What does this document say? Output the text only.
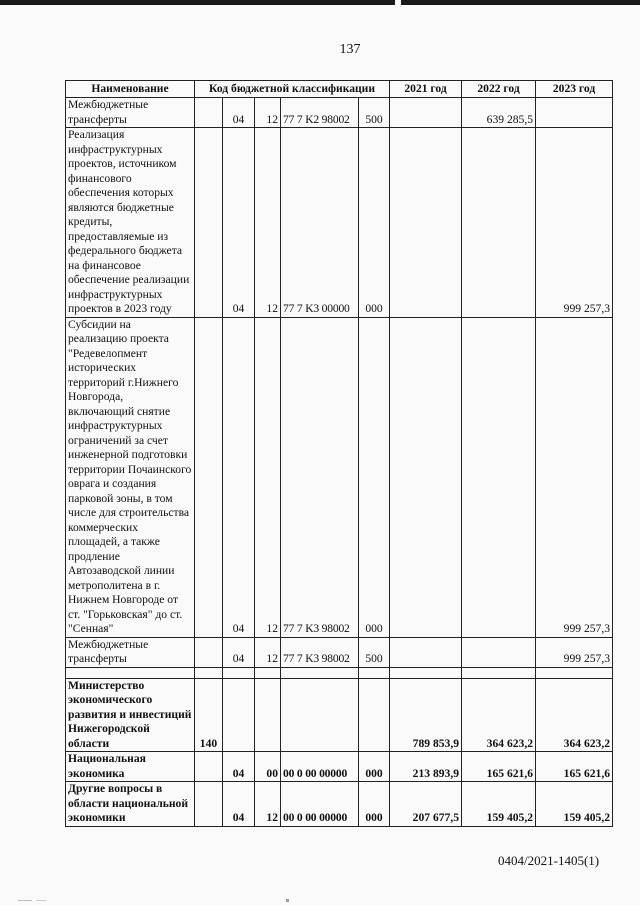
137
Наименование	Код бюджетной классификации					2021 год	2022 год	2023 год
Межбюджетные трансферты		04	12	77 7 K2 98002	500		639 285,5	
Реализация инфраструктурных проектов, источником финансового обеспечения которых являются бюджетные кредиты, предоставляемые из федерального бюджета на финансовое обеспечение реализации инфраструктурных проектов в 2023 году		04	12	77 7 K3 00000	000			999 257,3
Субсидии на реализацию проекта "Редевелопмент исторических территорий г.Нижнего Новгорода, включающий снятие инфраструктурных ограничений за счет инженерной подготовки территории Почаинского оврага и создания парковой зоны, в том числе для строительства коммерческих площадей, а также продление Автозаводской линии метрополитена в г. Нижнем Новгороде от ст. "Горьковская" до ст. "Сенная"		04	12	77 7 K3 98002	000			999 257,3
Межбюджетные трансферты		04	12	77 7 K3 98002	500			999 257,3

Министерство экономического развития и инвестиций Нижегородской области	140					789 853,9	364 623,2	364 623,2
Национальная экономика		04	00	00 0 00 00000	000	213 893,9	165 621,6	165 621,6
Другие вопросы в области национальной экономики		04	12	00 0 00 00000	000	207 677,5	159 405,2	159 405,2
0404/2021-1405(1)
